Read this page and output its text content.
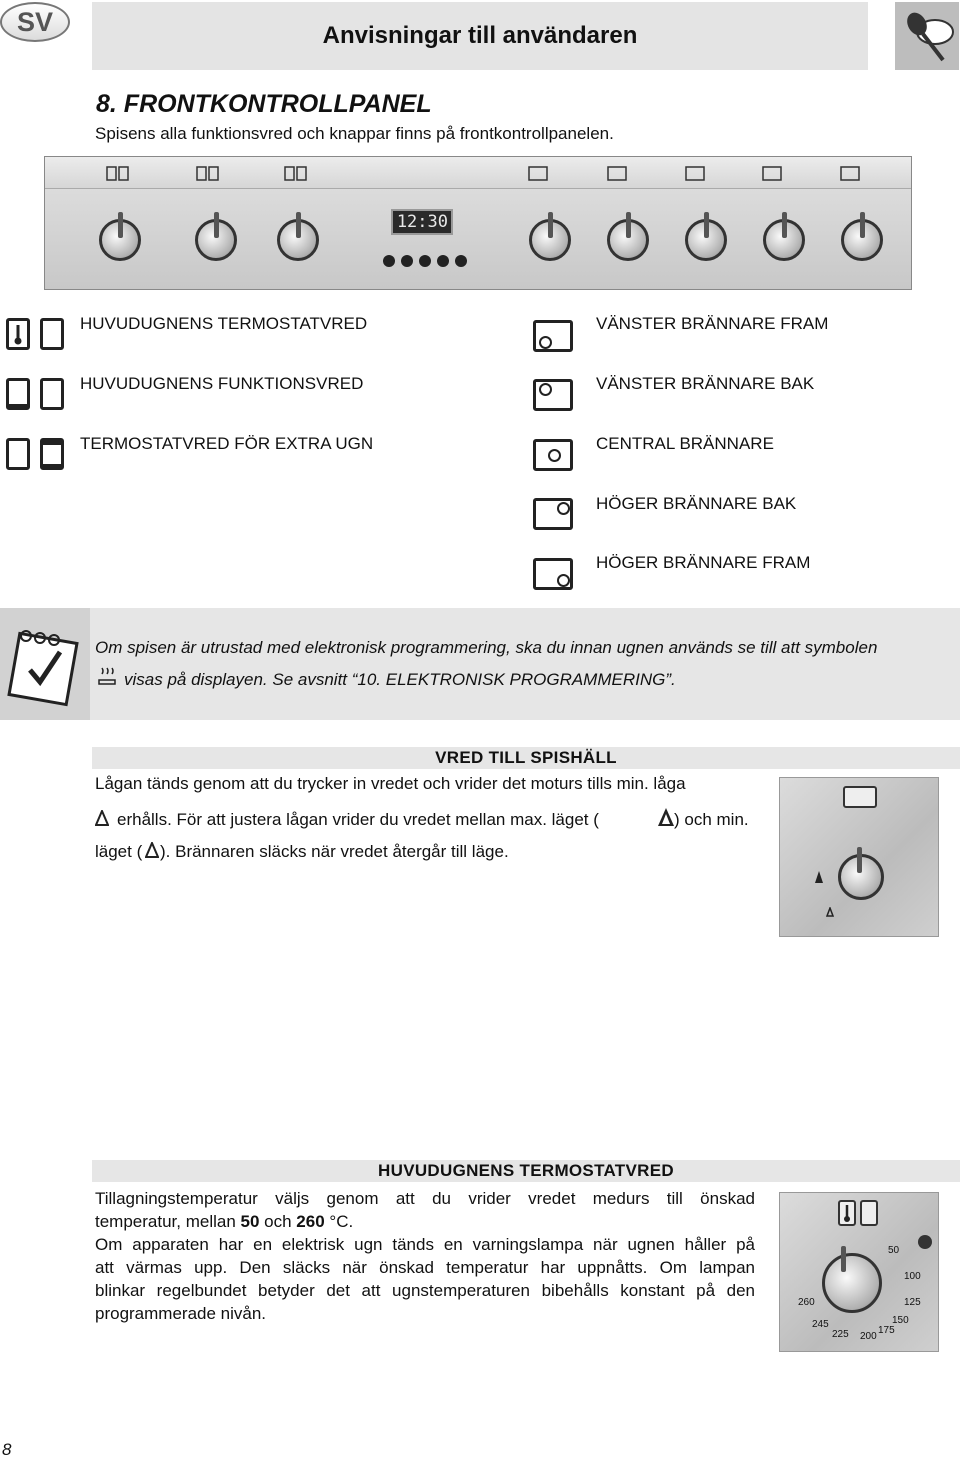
SV	Anvisningar till användaren
8. FRONTKONTROLLPANEL
Spisens alla funktionsvred och knappar finns på frontkontrollpanelen.
12:30
HUVUDUGNENS TERMOSTATVRED
HUVUDUGNENS FUNKTIONSVRED
TERMOSTATVRED FÖR EXTRA UGN
VÄNSTER BRÄNNARE FRAM
VÄNSTER BRÄNNARE BAK
CENTRAL BRÄNNARE
HÖGER BRÄNNARE BAK
HÖGER BRÄNNARE FRAM
Om spisen är utrustad med elektronisk programmering, ska du innan ugnen används se till att symbolen
visas på displayen. Se avsnitt “10. ELEKTRONISK PROGRAMMERING”.
VRED TILL SPISHÄLL
Lågan tänds genom att du trycker in vredet och vrider det moturs tills min. låga
erhålls. För att justera lågan vrider du vredet mellan max. läget (	) och min.
läget ( ). Brännaren släcks när vredet återgår till läge.
HUVUDUGNENS TERMOSTATVRED
Tillagningstemperatur väljs genom att du vrider vredet medurs till önskad
temperatur, mellan 50 och 260 °C.
Om apparaten har en elektrisk ugn tänds en varningslampa när ugnen håller på
att värmas upp. Den släcks när önskad temperatur har uppnåtts. Om lampan
blinkar regelbundet betyder det att ugnstemperaturen bibehålls konstant på den
programmerade nivån.
50
100
125
150
175
200
225
245
260
8
